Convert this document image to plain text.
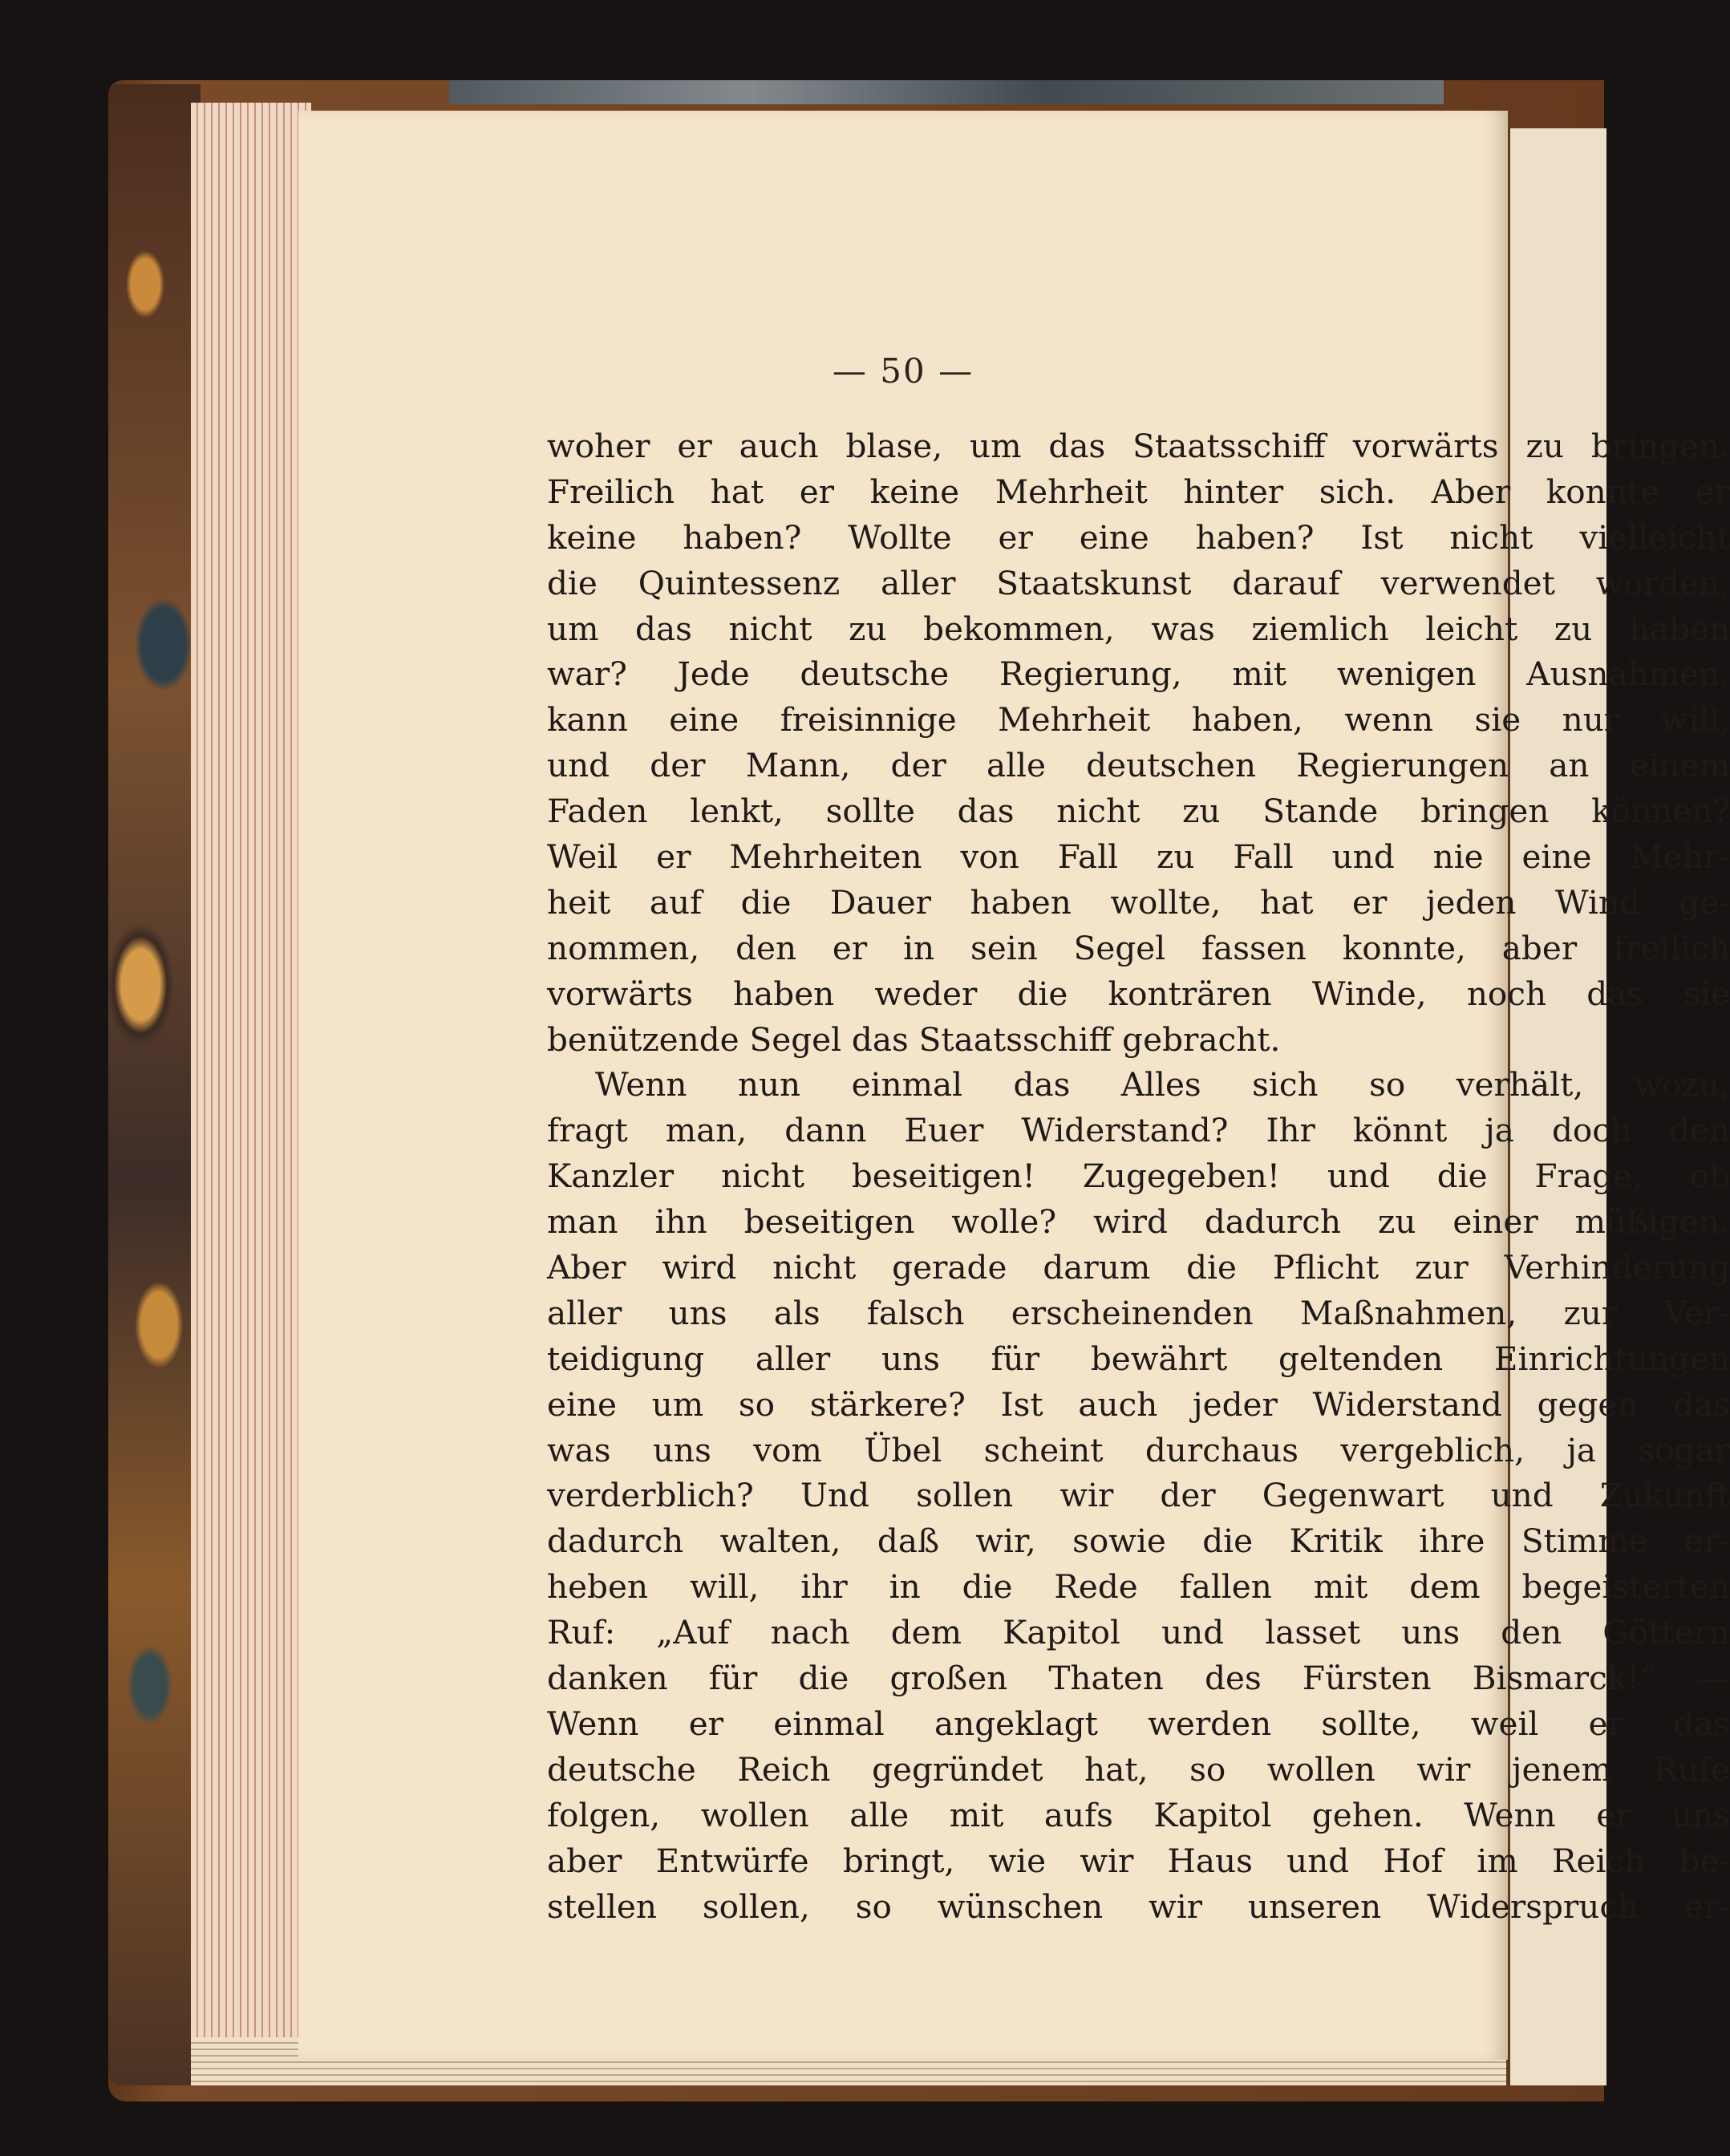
— 50 —
woher er auch blase, um das Staatsschiff vorwärts zu bringen.
Freilich hat er keine Mehrheit hinter sich. Aber konnte er
keine haben? Wollte er eine haben? Ist nicht vielleicht
die Quintessenz aller Staatskunst darauf verwendet worden,
um das nicht zu bekommen, was ziemlich leicht zu haben
war? Jede deutsche Regierung, mit wenigen Ausnahmen,
kann eine freisinnige Mehrheit haben, wenn sie nur will,
und der Mann, der alle deutschen Regierungen an einem
Faden lenkt, sollte das nicht zu Stande bringen können?
Weil er Mehrheiten von Fall zu Fall und nie eine Mehr-
heit auf die Dauer haben wollte, hat er jeden Wind ge-
nommen, den er in sein Segel fassen konnte, aber freilich
vorwärts haben weder die konträren Winde, noch das sie
benützende Segel das Staatsschiff gebracht.
Wenn nun einmal das Alles sich so verhält, wozu,
fragt man, dann Euer Widerstand? Ihr könnt ja doch den
Kanzler nicht beseitigen! Zugegeben! und die Frage, ob
man ihn beseitigen wolle? wird dadurch zu einer müßigen.
Aber wird nicht gerade darum die Pflicht zur Verhinderung
aller uns als falsch erscheinenden Maßnahmen, zur Ver-
teidigung aller uns für bewährt geltenden Einrichtungen
eine um so stärkere? Ist auch jeder Widerstand gegen das
was uns vom Übel scheint durchaus vergeblich, ja sogar
verderblich? Und sollen wir der Gegenwart und Zukunft
dadurch walten, daß wir, sowie die Kritik ihre Stimme er-
heben will, ihr in die Rede fallen mit dem begeisterten
Ruf: „Auf nach dem Kapitol und lasset uns den Göttern
danken für die großen Thaten des Fürsten Bismarck!“ —
Wenn er einmal angeklagt werden sollte, weil er das
deutsche Reich gegründet hat, so wollen wir jenem Rufe
folgen, wollen alle mit aufs Kapitol gehen. Wenn er uns
aber Entwürfe bringt, wie wir Haus und Hof im Reich be-
stellen sollen, so wünschen wir unseren Widerspruch er-
